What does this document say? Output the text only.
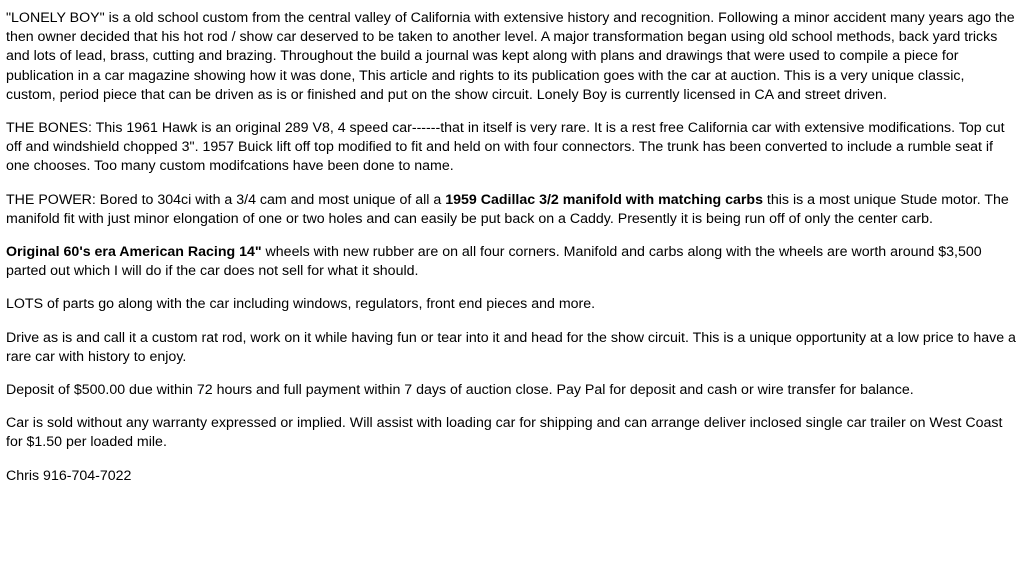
"LONELY BOY" is a old school custom from the central valley of California with extensive history and recognition. Following a minor accident many years ago the then owner decided that his hot rod / show car deserved to be taken to another level. A major transformation began using old school methods, back yard tricks and lots of lead, brass, cutting and brazing. Throughout the build a journal was kept along with plans and drawings that were used to compile a piece for publication in a car magazine showing how it was done, This article and rights to its publication goes with the car at auction. This is a very unique classic, custom, period piece that can be driven as is or finished and put on the show circuit. Lonely Boy is currently licensed in CA and street driven.

THE BONES: This 1961 Hawk is an original 289 V8, 4 speed car------that in itself is very rare. It is a rest free California car with extensive modifications. Top cut off and windshield chopped 3". 1957 Buick lift off top modified to fit and held on with four connectors. The trunk has been converted to include a rumble seat if one chooses. Too many custom modifcations have been done to name.

THE POWER: Bored to 304ci with a 3/4 cam and most unique of all a 1959 Cadillac 3/2 manifold with matching carbs this is a most unique Stude motor. The manifold fit with just minor elongation of one or two holes and can easily be put back on a Caddy. Presently it is being run off of only the center carb.

Original 60's era American Racing 14" wheels with new rubber are on all four corners. Manifold and carbs along with the wheels are worth around $3,500 parted out which I will do if the car does not sell for what it should.

LOTS of parts go along with the car including windows, regulators, front end pieces and more.

Drive as is and call it a custom rat rod, work on it while having fun or tear into it and head for the show circuit. This is a unique opportunity at a low price to have a rare car with history to enjoy.

Deposit of $500.00 due within 72 hours and full payment within 7 days of auction close. Pay Pal for deposit and cash or wire transfer for balance.

Car is sold without any warranty expressed or implied. Will assist with loading car for shipping and can arrange deliver inclosed single car trailer on West Coast for $1.50 per loaded mile.

Chris 916-704-7022
